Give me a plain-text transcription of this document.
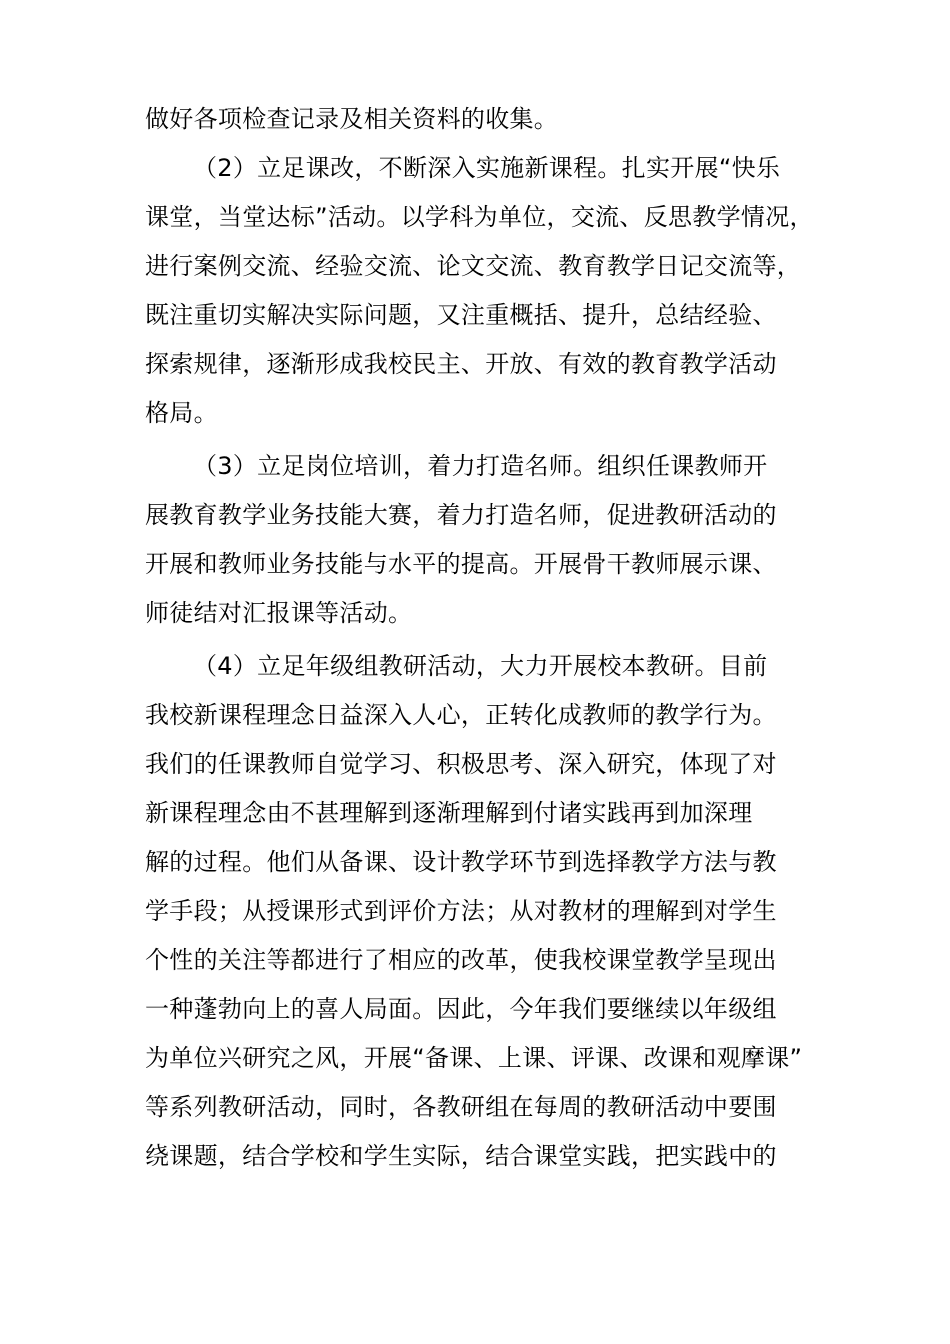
做好各项检查记录及相关资料的收集。
（2）立足课改，不断深入实施新课程。扎实开展“快乐
课堂，当堂达标”活动。以学科为单位，交流、反思教学情况，
进行案例交流、经验交流、论文交流、教育教学日记交流等，
既注重切实解决实际问题，又注重概括、提升，总结经验、
探索规律，逐渐形成我校民主、开放、有效的教育教学活动
格局。
（3）立足岗位培训，着力打造名师。组织任课教师开
展教育教学业务技能大赛，着力打造名师，促进教研活动的
开展和教师业务技能与水平的提高。开展骨干教师展示课、
师徒结对汇报课等活动。
（4）立足年级组教研活动，大力开展校本教研。目前
我校新课程理念日益深入人心，正转化成教师的教学行为。
我们的任课教师自觉学习、积极思考、深入研究，体现了对
新课程理念由不甚理解到逐渐理解到付诸实践再到加深理
解的过程。他们从备课、设计教学环节到选择教学方法与教
学手段；从授课形式到评价方法；从对教材的理解到对学生
个性的关注等都进行了相应的改革，使我校课堂教学呈现出
一种蓬勃向上的喜人局面。因此，今年我们要继续以年级组
为单位兴研究之风，开展“备课、上课、评课、改课和观摩课”
等系列教研活动，同时，各教研组在每周的教研活动中要围
绕课题，结合学校和学生实际，结合课堂实践，把实践中的
